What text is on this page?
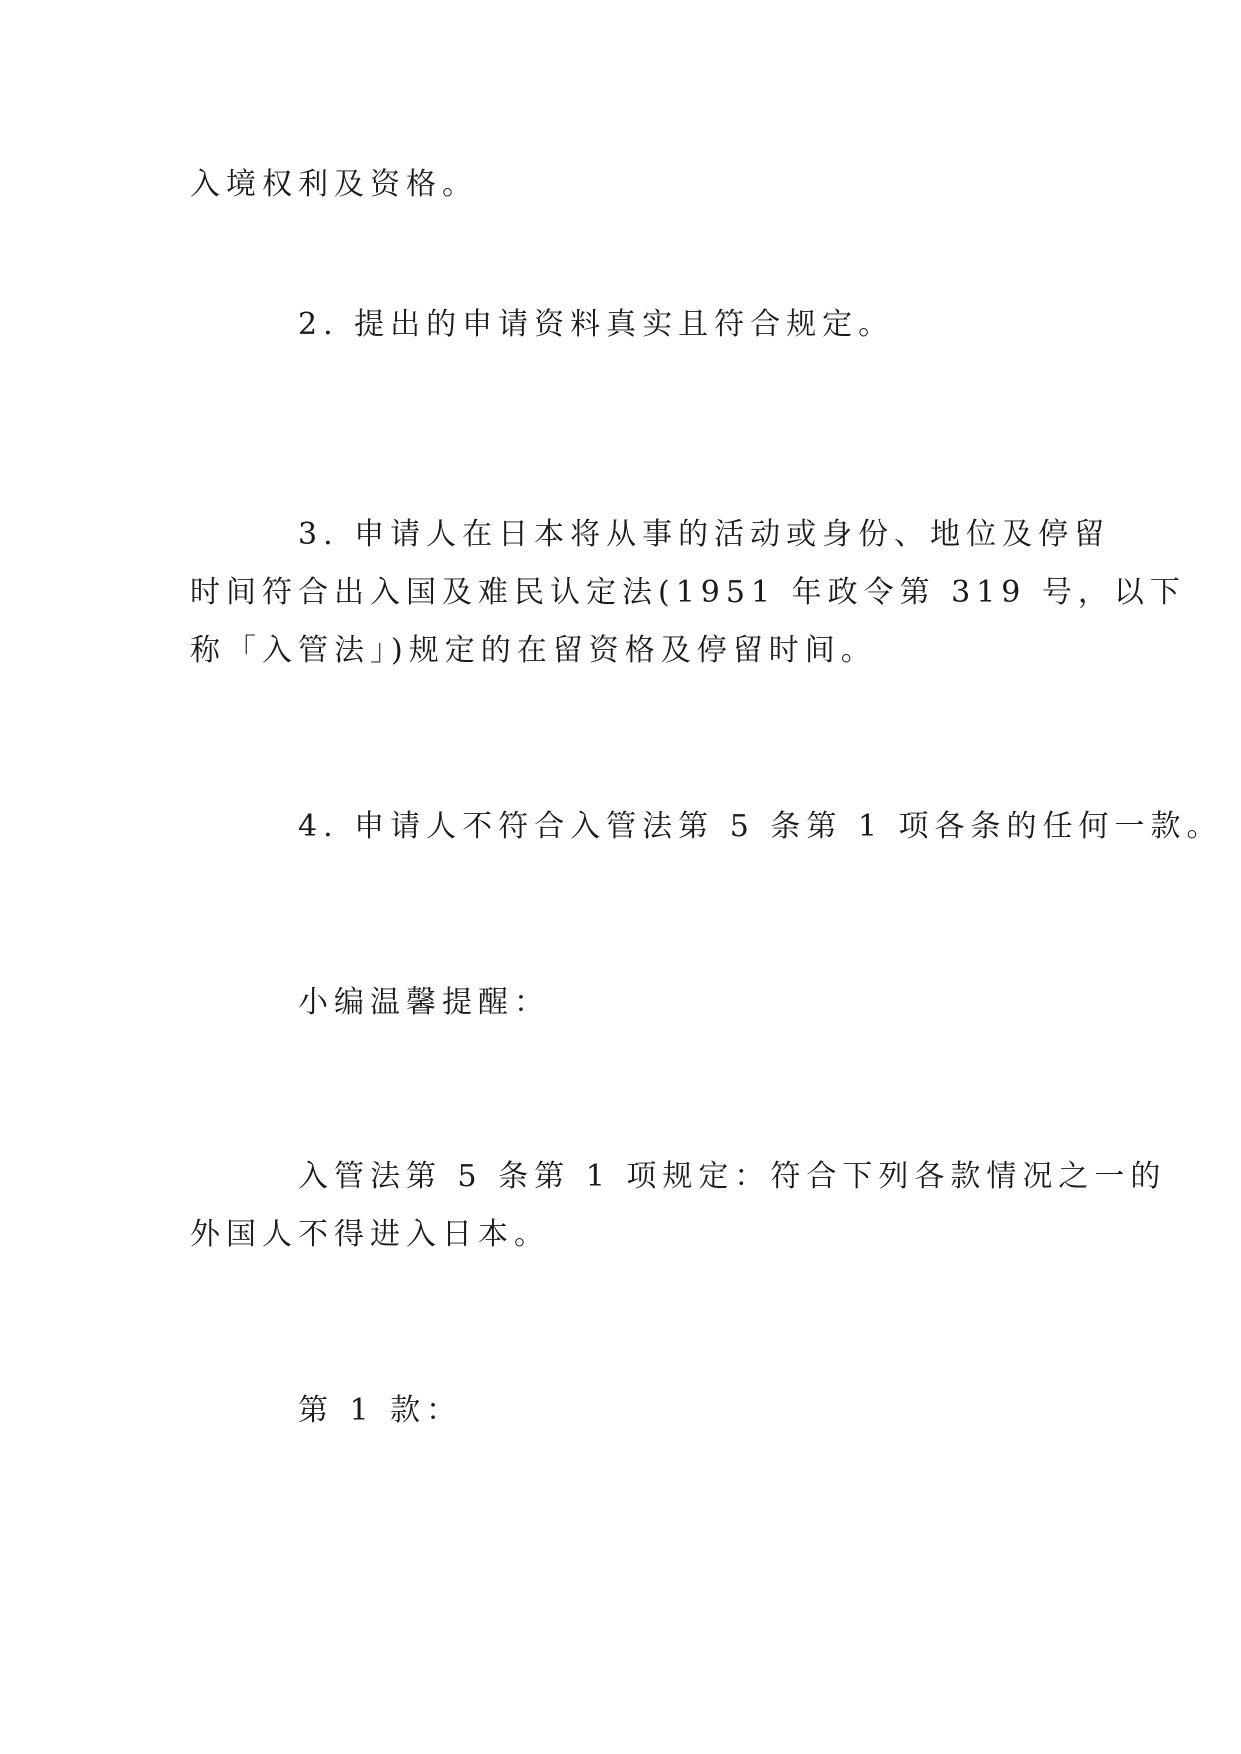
入境权利及资格。

2. 提出的申请资料真实且符合规定。

3. 申请人在日本将从事的活动或身份、地位及停留

时间符合出入国及难民认定法(1951 年政令第 319 号，以下

称「入管法」)规定的在留资格及停留时间。

4. 申请人不符合入管法第 5 条第 1 项各条的任何一款。

小编温馨提醒：

入管法第 5 条第 1 项规定：符合下列各款情况之一的

外国人不得进入日本。

第 1 款：
